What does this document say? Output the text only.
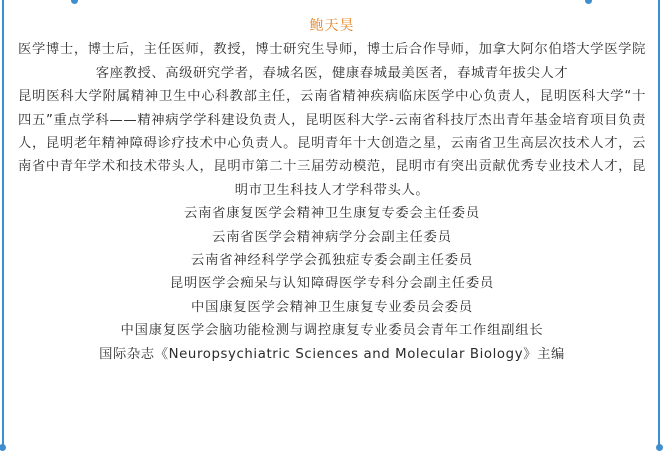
鲍天昊
医学博士，博士后，主任医师，教授，博士研究生导师，博士后合作导师，加拿大阿尔伯塔大学医学院客座教授、高级研究学者，春城名医，健康春城最美医者，春城青年拔尖人才
昆明医科大学附属精神卫生中心科教部主任，云南省精神疾病临床医学中心负责人，昆明医科大学“十四五”重点学科——精神病学学科建设负责人，昆明医科大学-云南省科技厅杰出青年基金培育项目负责人，昆明老年精神障碍诊疗技术中心负责人。昆明青年十大创造之星，云南省卫生高层次技术人才，云南省中青年学术和技术带头人，昆明市第二十三届劳动模范，昆明市有突出贡献优秀专业技术人才，昆明市卫生科技人才学科带头人。
云南省康复医学会精神卫生康复专委会主任委员
云南省医学会精神病学分会副主任委员
云南省神经科学学会孤独症专委会副主任委员
昆明医学会痴呆与认知障碍医学专科分会副主任委员
中国康复医学会精神卫生康复专业委员会委员
中国康复医学会脑功能检测与调控康复专业委员会青年工作组副组长
国际杂志《Neuropsychiatric Sciences and Molecular Biology》主编
